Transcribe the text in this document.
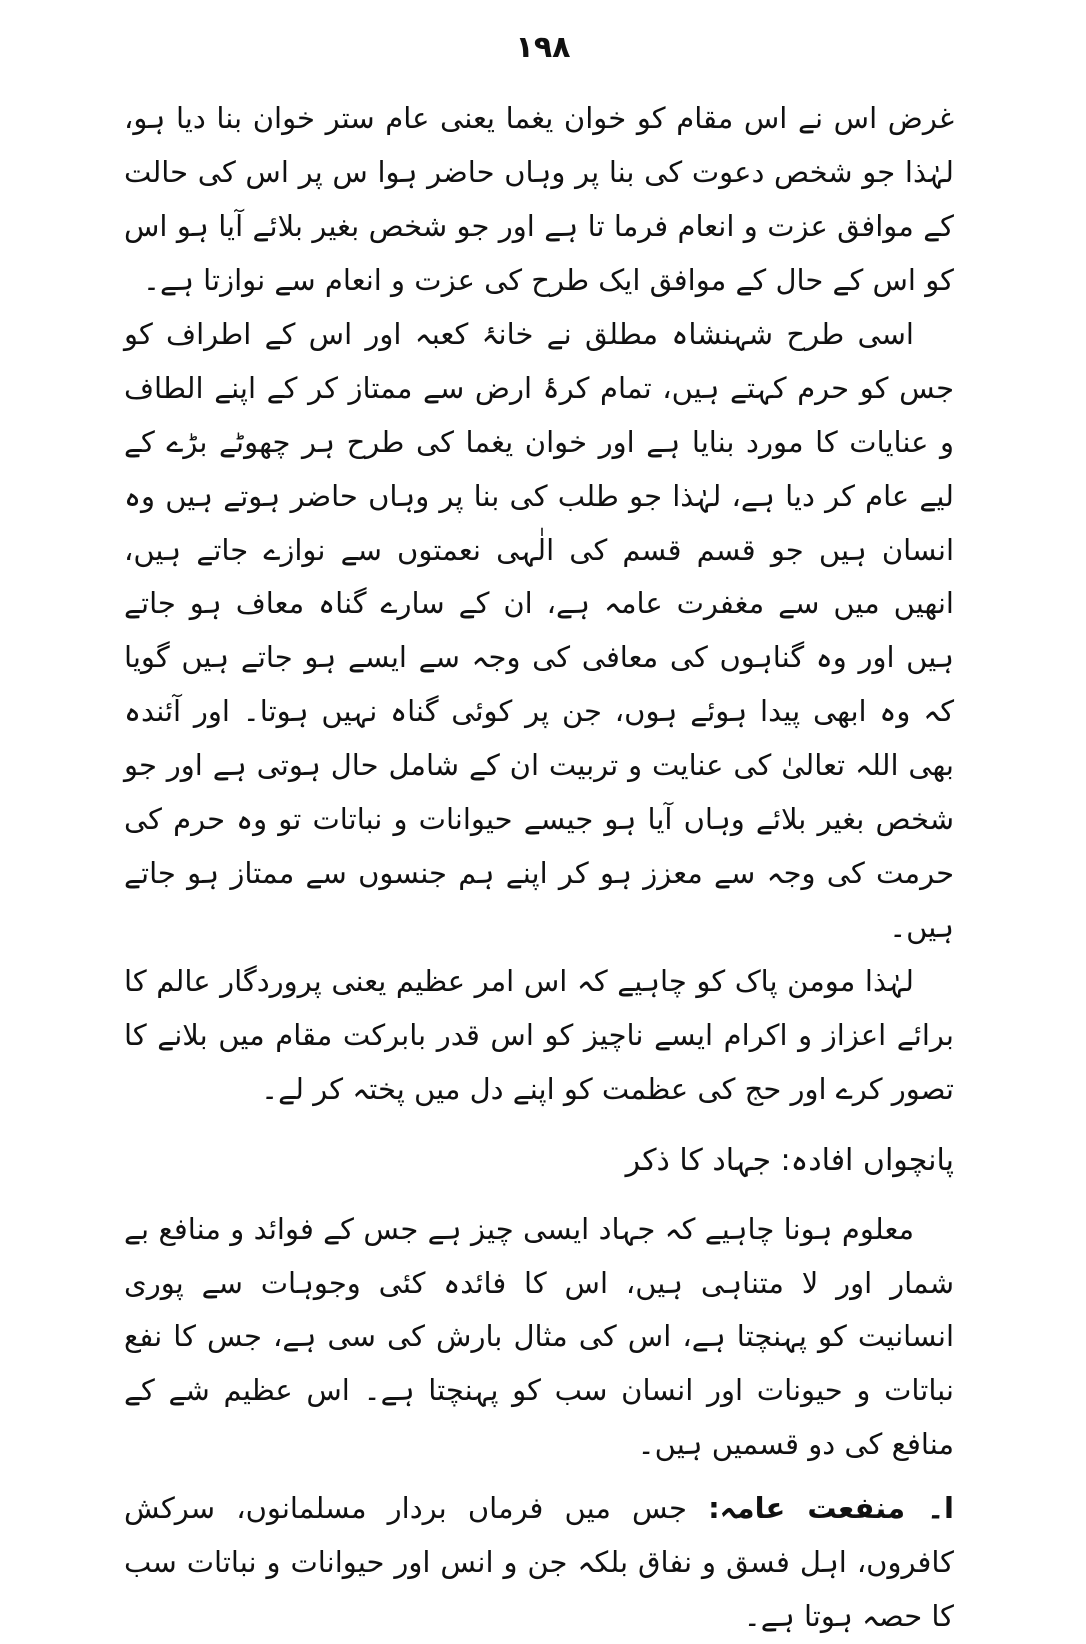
۱۹۸

غرض اس نے اس مقام کو خوان یغما یعنی عام ستر خوان بنا دیا ہو، لہٰذا جو شخص دعوت کی بنا پر وہاں حاضر ہوا س پر اس کی حالت کے موافق عزت و انعام فرما تا ہے اور جو شخص بغیر بلائے آیا ہو اس کو اس کے حال کے موافق ایک طرح کی عزت و انعام سے نوازتا ہے۔

اسی طرح شہنشاہ مطلق نے خانۂ کعبہ اور اس کے اطراف کو جس کو حرم کہتے ہیں، تمام کرۂ ارض سے ممتاز کر کے اپنے الطاف و عنایات کا مورد بنایا ہے اور خوان یغما کی طرح ہر چھوٹے بڑے کے لیے عام کر دیا ہے، لہٰذا جو طلب کی بنا پر وہاں حاضر ہوتے ہیں وہ انسان ہیں جو قسم قسم کی الٰہی نعمتوں سے نوازے جاتے ہیں، انھیں میں سے مغفرت عامہ ہے، ان کے سارے گناہ معاف ہو جاتے ہیں اور وہ گناہوں کی معافی کی وجہ سے ایسے ہو جاتے ہیں گویا کہ وہ ابھی پیدا ہوئے ہوں، جن پر کوئی گناہ نہیں ہوتا۔ اور آئندہ بھی اللہ تعالیٰ کی عنایت و تربیت ان کے شامل حال ہوتی ہے اور جو شخص بغیر بلائے وہاں آیا ہو جیسے حیوانات و نباتات تو وہ حرم کی حرمت کی وجہ سے معزز ہو کر اپنے ہم جنسوں سے ممتاز ہو جاتے ہیں۔

لہٰذا مومن پاک کو چاہیے کہ اس امر عظیم یعنی پروردگار عالم کا برائے اعزاز و اکرام ایسے ناچیز کو اس قدر بابرکت مقام میں بلانے کا تصور کرے اور حج کی عظمت کو اپنے دل میں پختہ کر لے۔

پانچواں افادہ: جہاد کا ذکر

معلوم ہونا چاہیے کہ جہاد ایسی چیز ہے جس کے فوائد و منافع بے شمار اور لا متناہی ہیں، اس کا فائدہ کئی وجوہات سے پوری انسانیت کو پہنچتا ہے، اس کی مثال بارش کی سی ہے، جس کا نفع نباتات و حیونات اور انسان سب کو پہنچتا ہے۔ اس عظیم شے کے منافع کی دو قسمیں ہیں۔

ا۔ منفعت عامہ: جس میں فرماں بردار مسلمانوں، سرکش کافروں، اہل فسق و نفاق بلکہ جن و انس اور حیوانات و نباتات سب کا حصہ ہوتا ہے۔
